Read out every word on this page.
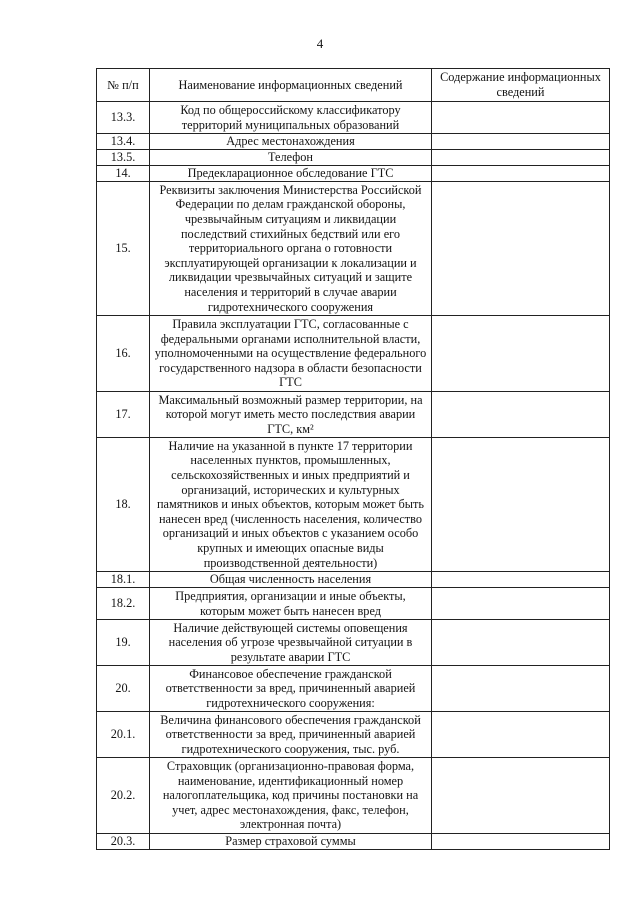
4
№ п/п	Наименование информационных сведений	Содержание информационных сведений
13.3.	Код по общероссийскому классификатору территорий муниципальных образований	
13.4.	Адрес местонахождения	
13.5.	Телефон	
14.	Предекларационное обследование ГТС	
15.	Реквизиты заключения Министерства Российской Федерации по делам гражданской обороны, чрезвычайным ситуациям и ликвидации последствий стихийных бедствий или его территориального органа о готовности эксплуатирующей организации к локализации и ликвидации чрезвычайных ситуаций и защите населения и территорий в случае аварии гидротехнического сооружения	
16.	Правила эксплуатации ГТС, согласованные с федеральными органами исполнительной власти, уполномоченными на осуществление федерального государственного надзора в области безопасности ГТС	
17.	Максимальный возможный размер территории, на которой могут иметь место последствия аварии ГТС, км²	
18.	Наличие на указанной в пункте 17 территории населенных пунктов, промышленных, сельскохозяйственных и иных предприятий и организаций, исторических и культурных памятников и иных объектов, которым может быть нанесен вред (численность населения, количество организаций и иных объектов с указанием особо крупных и имеющих опасные виды производственной деятельности)	
18.1.	Общая численность населения	
18.2.	Предприятия, организации и иные объекты, которым может быть нанесен вред	
19.	Наличие действующей системы оповещения населения об угрозе чрезвычайной ситуации в результате аварии ГТС	
20.	Финансовое обеспечение гражданской ответственности за вред, причиненный аварией гидротехнического сооружения:	
20.1.	Величина финансового обеспечения гражданской ответственности за вред, причиненный аварией гидротехнического сооружения, тыс. руб.	
20.2.	Страховщик (организационно-правовая форма, наименование, идентификационный номер налогоплательщика, код причины постановки на учет, адрес местонахождения, факс, телефон, электронная почта)	
20.3.	Размер страховой суммы	
